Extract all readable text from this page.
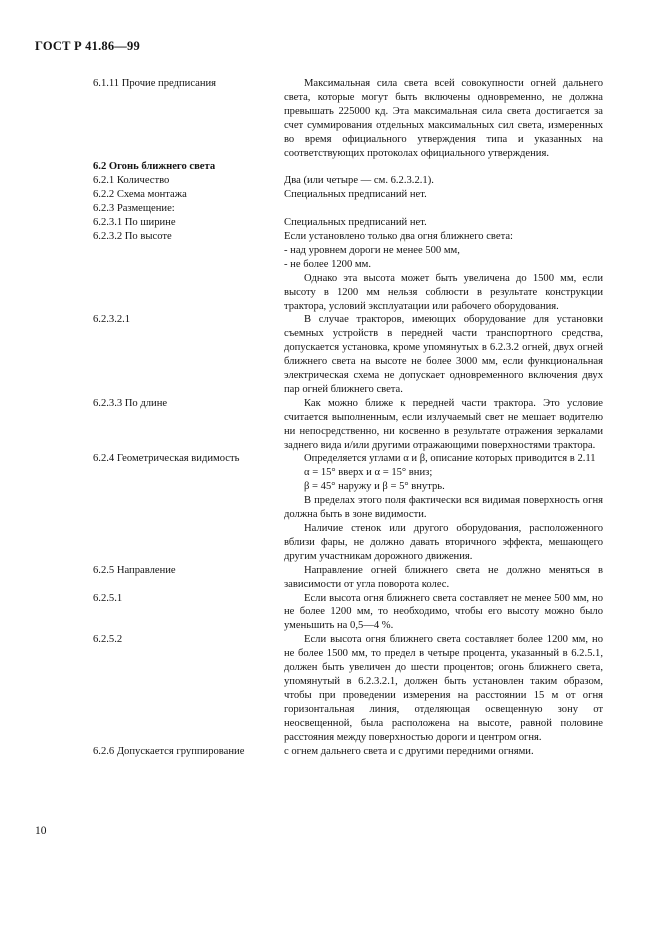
ГОСТ Р 41.86—99
6.1.11 Прочие предписания	Максимальная сила света всей совокупности огней дальнего света, которые могут быть включены одновременно, не должна превышать 225000 кд. Эта максимальная сила света достигается за счет суммирования отдельных максимальных сил света, измеренных во время официального утверждения типа и указанных на соответствующих протоколах официального утверждения.

6.2 Огонь ближнего света
6.2.1 Количество	Два (или четыре — см. 6.2.3.2.1).

6.2.2 Схема монтажа	Специальных предписаний нет.

6.2.3 Размещение:
6.2.3.1 По ширине	Специальных предписаний нет.

6.2.3.2 По высоте	Если установлено только два огня ближнего света:

- над уровнем дороги не менее 500 мм,

- не более 1200 мм.

Однако эта высота может быть увеличена до 1500 мм, если высоту в 1200 мм нельзя соблюсти в результате конструкции трактора, условий эксплуатации или рабочего оборудования.

6.2.3.2.1	В случае тракторов, имеющих оборудование для установки съемных устройств в передней части транспортного средства, допускается установка, кроме упомянутых в 6.2.3.2 огней, двух огней ближнего света на высоте не более 3000 мм, если функциональная электрическая схема не допускает одновременного включения двух пар огней ближнего света.

6.2.3.3 По длине	Как можно ближе к передней части трактора. Это условие считается выполненным, если излучаемый свет не мешает водителю ни непосредственно, ни косвенно в результате отражения зеркалами заднего вида и/или другими отражающими поверхностями трактора.

6.2.4 Геометрическая видимость	Определяется углами α и β, описание которых приводится в 2.11

α = 15° вверх и α = 15° вниз;

β = 45° наружу и β = 5° внутрь.

В пределах этого поля фактически вся видимая поверхность огня должна быть в зоне видимости.

Наличие стенок или другого оборудования, расположенного вблизи фары, не должно давать вторичного эффекта, мешающего другим участникам дорожного движения.

6.2.5 Направление	Направление огней ближнего света не должно меняться в зависимости от угла поворота колес.

6.2.5.1	Если высота огня ближнего света составляет не менее 500 мм, но не более 1200 мм, то необходимо, чтобы его высоту можно было уменьшить на 0,5—4 %.

6.2.5.2	Если высота огня ближнего света составляет более 1200 мм, но не более 1500 мм, то предел в четыре процента, указанный в 6.2.5.1, должен быть увеличен до шести процентов; огонь ближнего света, упомянутый в 6.2.3.2.1, должен быть установлен таким образом, чтобы при проведении измерения на расстоянии 15 м от огня горизонтальная линия, отделяющая освещенную зону от неосвещенной, была расположена на высоте, равной половине расстояния между поверхностью дороги и центром огня.

6.2.6 Допускается группирование	с огнем дальнего света и с другими передними огнями.

10
